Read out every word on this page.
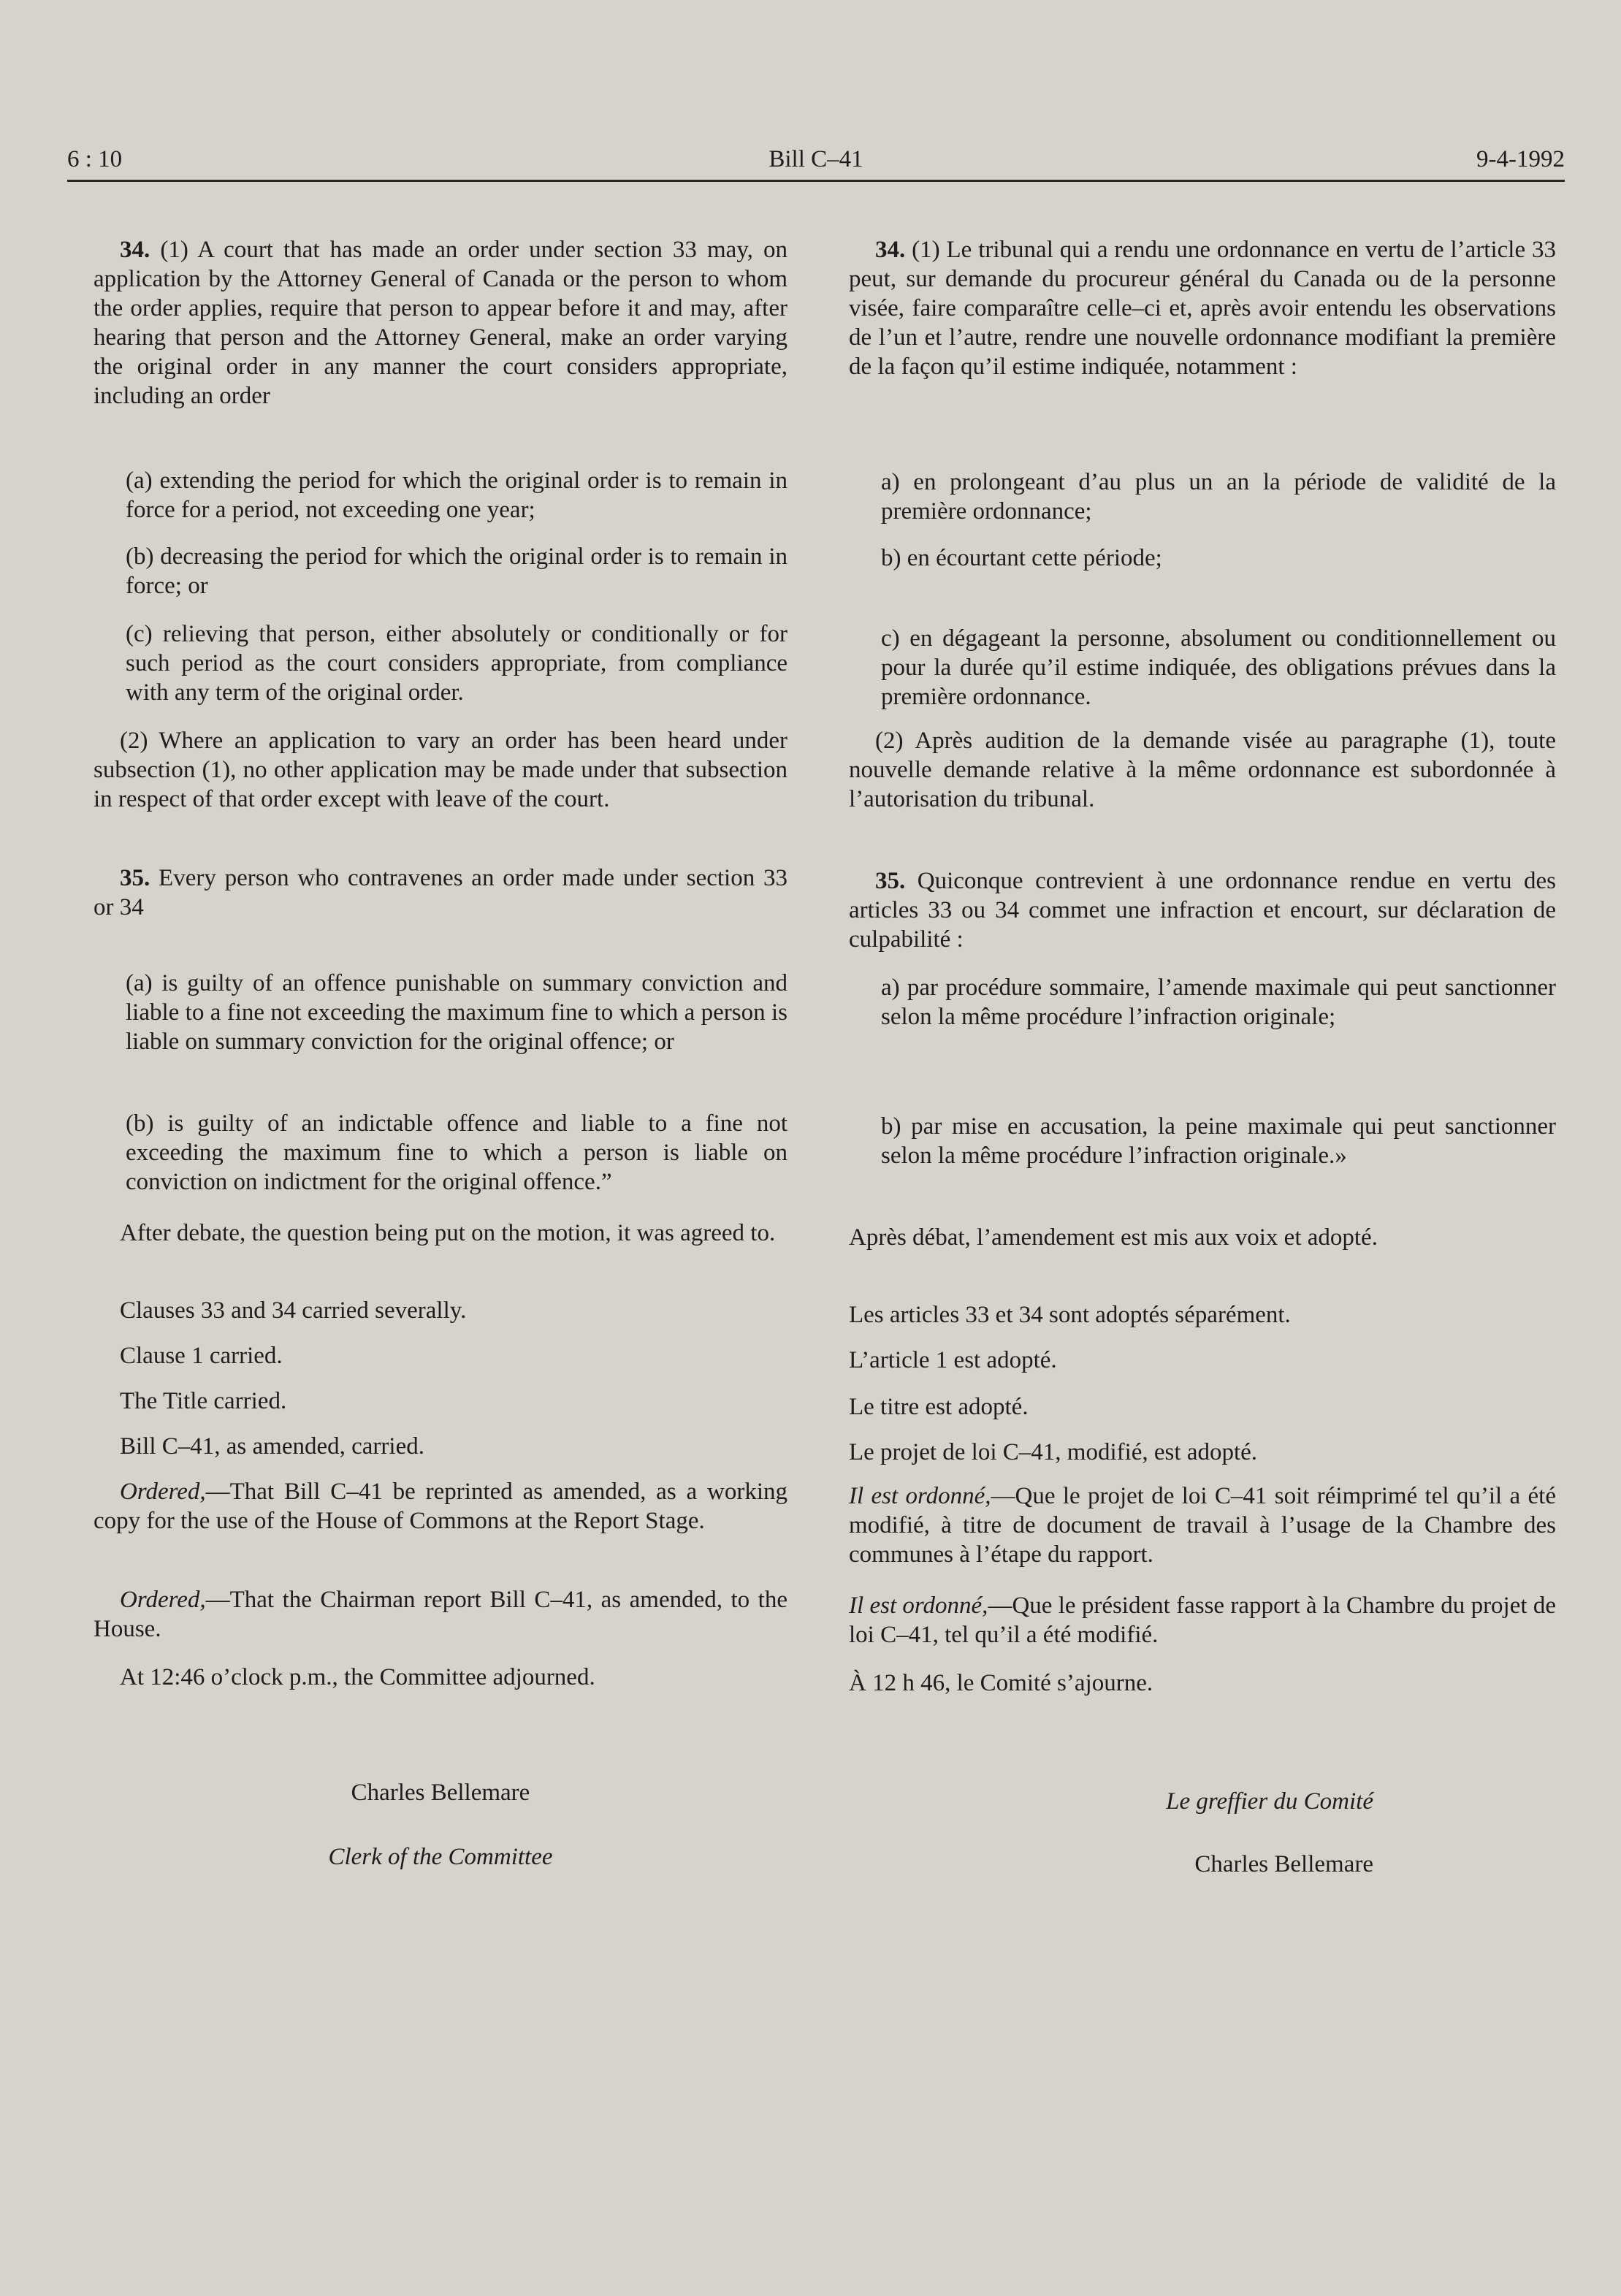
6 : 10	Bill C–41	9-4-1992

34. (1) A court that has made an order under section 33 may, on application by the Attorney General of Canada or the person to whom the order applies, require that person to appear before it and may, after hearing that person and the Attorney General, make an order varying the original order in any manner the court considers appropriate, including an order

(a) extending the period for which the original order is to remain in force for a period, not exceeding one year;

(b) decreasing the period for which the original order is to remain in force; or

(c) relieving that person, either absolutely or conditionally or for such period as the court considers appropriate, from compliance with any term of the original order.

(2) Where an application to vary an order has been heard under subsection (1), no other application may be made under that subsection in respect of that order except with leave of the court.

35. Every person who contravenes an order made under section 33 or 34

(a) is guilty of an offence punishable on summary conviction and liable to a fine not exceeding the maximum fine to which a person is liable on summary conviction for the original offence; or

(b) is guilty of an indictable offence and liable to a fine not exceeding the maximum fine to which a person is liable on conviction on indictment for the original offence.”

After debate, the question being put on the motion, it was agreed to.

Clauses 33 and 34 carried severally.

Clause 1 carried.

The Title carried.

Bill C–41, as amended, carried.

Ordered,—That Bill C–41 be reprinted as amended, as a working copy for the use of the House of Commons at the Report Stage.

Ordered,—That the Chairman report Bill C–41, as amended, to the House.

At 12:46 o’clock p.m., the Committee adjourned.

Charles Bellemare

Clerk of the Committee

34. (1) Le tribunal qui a rendu une ordonnance en vertu de l’article 33 peut, sur demande du procureur général du Canada ou de la personne visée, faire comparaître celle–ci et, après avoir entendu les observations de l’un et l’autre, rendre une nouvelle ordonnance modifiant la première de la façon qu’il estime indiquée, notamment :

a) en prolongeant d’au plus un an la période de validité de la première ordonnance;

b) en écourtant cette période;

c) en dégageant la personne, absolument ou conditionnellement ou pour la durée qu’il estime indiquée, des obligations prévues dans la première ordonnance.

(2) Après audition de la demande visée au paragraphe (1), toute nouvelle demande relative à la même ordonnance est subordonnée à l’autorisation du tribunal.

35. Quiconque contrevient à une ordonnance rendue en vertu des articles 33 ou 34 commet une infraction et encourt, sur déclaration de culpabilité :

a) par procédure sommaire, l’amende maximale qui peut sanctionner selon la même procédure l’infraction originale;

b) par mise en accusation, la peine maximale qui peut sanctionner selon la même procédure l’infraction originale.»

Après débat, l’amendement est mis aux voix et adopté.

Les articles 33 et 34 sont adoptés séparément.

L’article 1 est adopté.

Le titre est adopté.

Le projet de loi C–41, modifié, est adopté.

Il est ordonné,—Que le projet de loi C–41 soit réimprimé tel qu’il a été modifié, à titre de document de travail à l’usage de la Chambre des communes à l’étape du rapport.

Il est ordonné,—Que le président fasse rapport à la Chambre du projet de loi C–41, tel qu’il a été modifié.

À 12 h 46, le Comité s’ajourne.

Le greffier du Comité

Charles Bellemare
